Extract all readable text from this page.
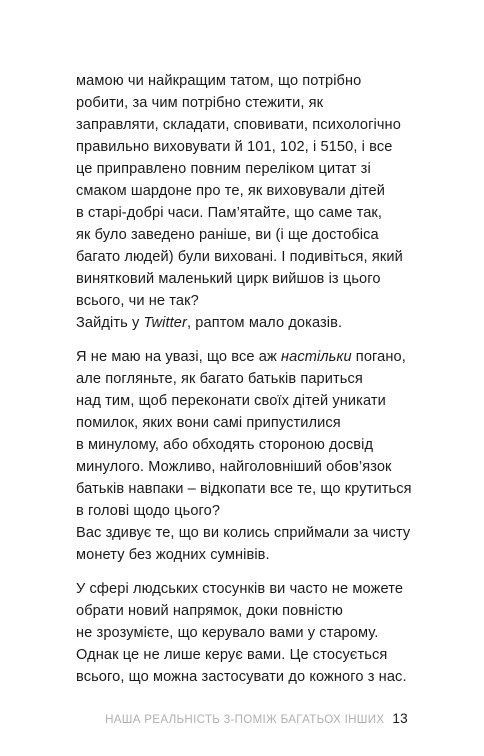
мамою чи найкращим татом, що потрібно
робити, за чим потрібно стежити, як
заправляти, складати, сповивати, психологічно
правильно виховувати й 101, 102, і 5150, і все
це приправлено повним переліком цитат зі
смаком шардоне про те, як виховували дітей
в старі-добрі часи. Пам’ятайте, що саме так,
як було заведено раніше, ви (і ще достобіса
багато людей) були виховані. І подивіться, який
винятковий маленький цирк вийшов із цього
всього, чи не так?
Зайдіть у Twitter, раптом мало доказів.
Я не маю на увазі, що все аж настільки погано,
але погляньте, як багато батьків париться
над тим, щоб переконати своїх дітей уникати
помилок, яких вони самі припустилися
в минулому, або обходять стороною досвід
минулого. Можливо, найголовніший обов’язок
батьків навпаки – відкопати все те, що крутиться
в голові щодо цього?
Вас здивує те, що ви колись сприймали за чисту
монету без жодних сумнівів.
У сфері людських стосунків ви часто не можете
обрати новий напрямок, доки повністю
не зрозумієте, що керувало вами у старому.
Однак це не лише керує вами. Це стосується
всього, що можна застосувати до кожного з нас.
НАША РЕАЛЬНІСТЬ 3-ПОМІЖ БАГАТЬОХ ІНШИХ 13
